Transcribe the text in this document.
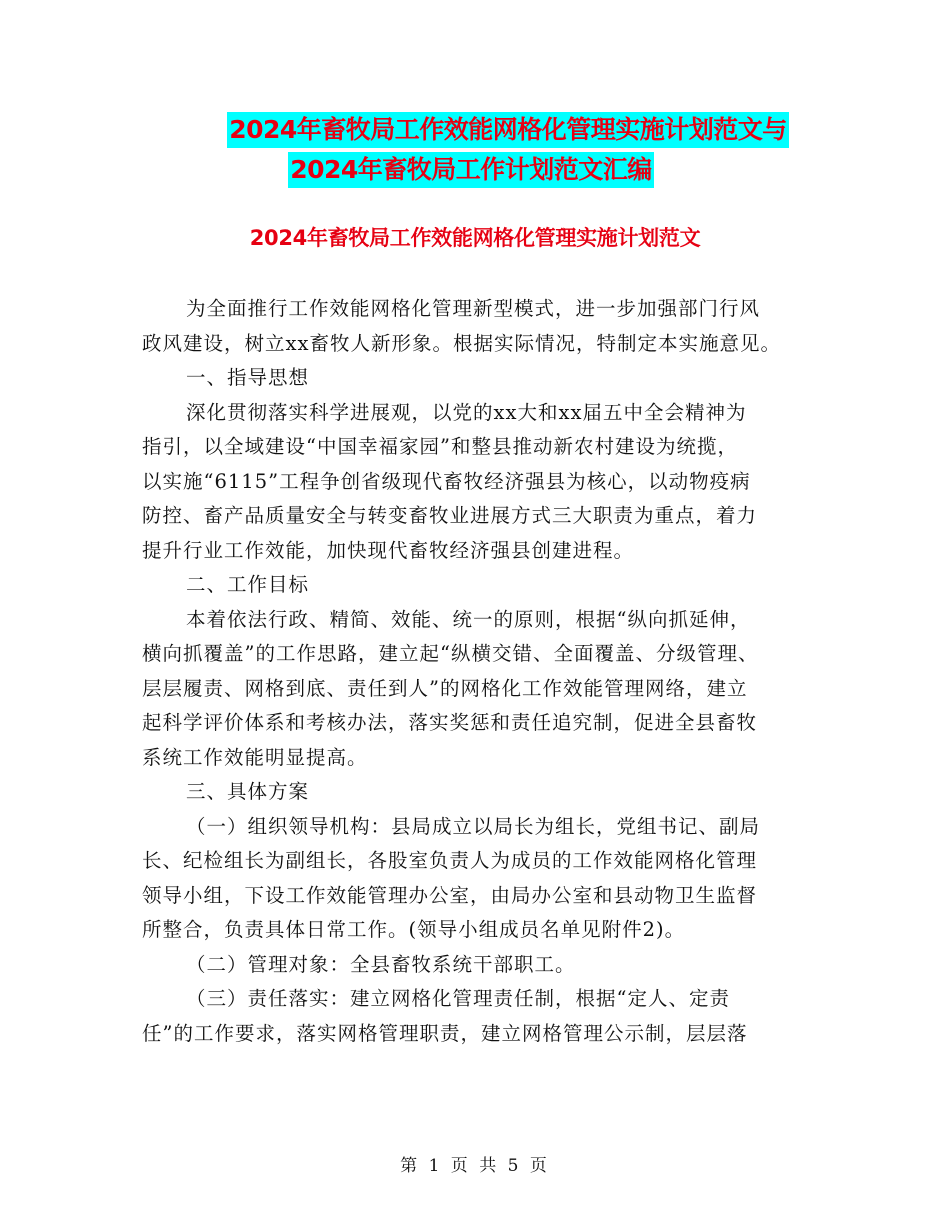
2024年畜牧局工作效能网格化管理实施计划范文与
2024年畜牧局工作计划范文汇编
2024年畜牧局工作效能网格化管理实施计划范文
为全面推行工作效能网格化管理新型模式，进一步加强部门行风
政风建设，树立xx畜牧人新形象。根据实际情况，特制定本实施意见。
一、指导思想
深化贯彻落实科学进展观，以党的xx大和xx届五中全会精神为
指引，以全域建设“中国幸福家园”和整县推动新农村建设为统揽，
以实施“6115”工程争创省级现代畜牧经济强县为核心，以动物疫病
防控、畜产品质量安全与转变畜牧业进展方式三大职责为重点，着力
提升行业工作效能，加快现代畜牧经济强县创建进程。
二、工作目标
本着依法行政、精简、效能、统一的原则，根据“纵向抓延伸，
横向抓覆盖”的工作思路，建立起“纵横交错、全面覆盖、分级管理、
层层履责、网格到底、责任到人”的网格化工作效能管理网络，建立
起科学评价体系和考核办法，落实奖惩和责任追究制，促进全县畜牧
系统工作效能明显提高。
三、具体方案
（一）组织领导机构：县局成立以局长为组长，党组书记、副局
长、纪检组长为副组长，各股室负责人为成员的工作效能网格化管理
领导小组，下设工作效能管理办公室，由局办公室和县动物卫生监督
所整合，负责具体日常工作。(领导小组成员名单见附件2)。
（二）管理对象：全县畜牧系统干部职工。
（三）责任落实：建立网格化管理责任制，根据“定人、定责
任”的工作要求，落实网格管理职责，建立网格管理公示制，层层落
第 1 页 共 5 页
